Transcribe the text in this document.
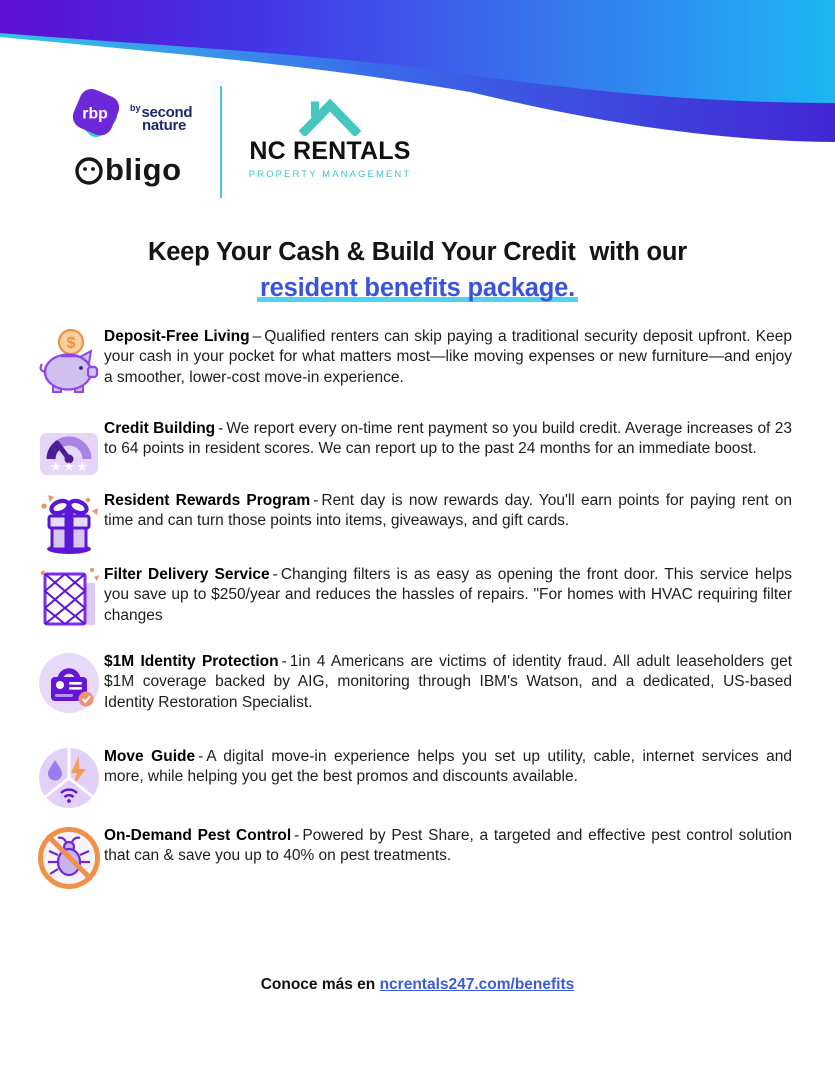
rbp $^{by}$second
nature
bligo
NC RENTALS
PROPERTY MANAGEMENT
Keep Your Cash & Build Your Credit  with our
resident benefits package.
$ Deposit-Free Living – Qualified renters can skip paying a traditional security deposit upfront. Keep your cash in your pocket for what matters most—like moving expenses or new furniture—and enjoy a smoother, lower-cost move-in experience.

★ ★ ★

Credit Building - We report every on-time rent payment so you build credit. Average increases of 23 to 64 points in resident scores. We can report up to the past 24 months for an immediate boost.

Resident Rewards Program - Rent day is now rewards day. You'll earn points for paying rent on time and can turn those points into items, giveaways, and gift cards.

Filter Delivery Service - Changing filters is as easy as opening the front door. This service helps you save up to $250/year and reduces the hassles of repairs. "For homes with HVAC requiring filter changes

$1M Identity Protection - 1in 4 Americans are victims of identity fraud. All adult leaseholders get $1M coverage backed by AIG, monitoring through IBM's Watson, and a dedicated, US-based Identity Restoration Specialist.

Move Guide - A digital move-in experience helps you set up utility, cable, internet services and more, while helping you get the best promos and discounts available.

On-Demand Pest Control - Powered by Pest Share, a targeted and effective pest control solution that can & save you up to 40% on pest treatments.

Conoce más en ncrentals247.com/benefits
